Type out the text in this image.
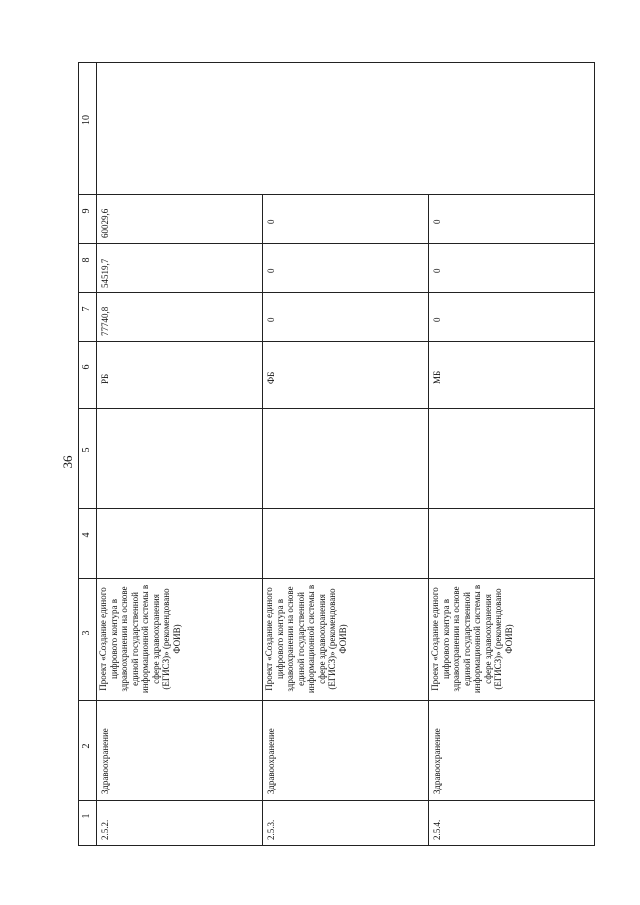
36
1
2
3
4
5
6
7
8
9
10
2.5.2.
Здравоохранение
Проект «Создание единого цифрового контура в здравоохранении на основе единой государственной информационной системы в сфере здравоохранения (ЕГИСЗ)» (рекомендовано ФОИВ)
РБ
77740,8
54519,7
60029,6
2.5.3.
Здравоохранение
Проект «Создание единого цифрового контура в здравоохранении на основе единой государственной информационной системы в сфере здравоохранения (ЕГИСЗ)» (рекомендовано ФОИВ)
ФБ
0
0
0
2.5.4.
Здравоохранение
Проект «Создание единого цифрового контура в здравоохранении на основе единой государственной информационной системы в сфере здравоохранения (ЕГИСЗ)» (рекомендовано ФОИВ)
МБ
0
0
0
